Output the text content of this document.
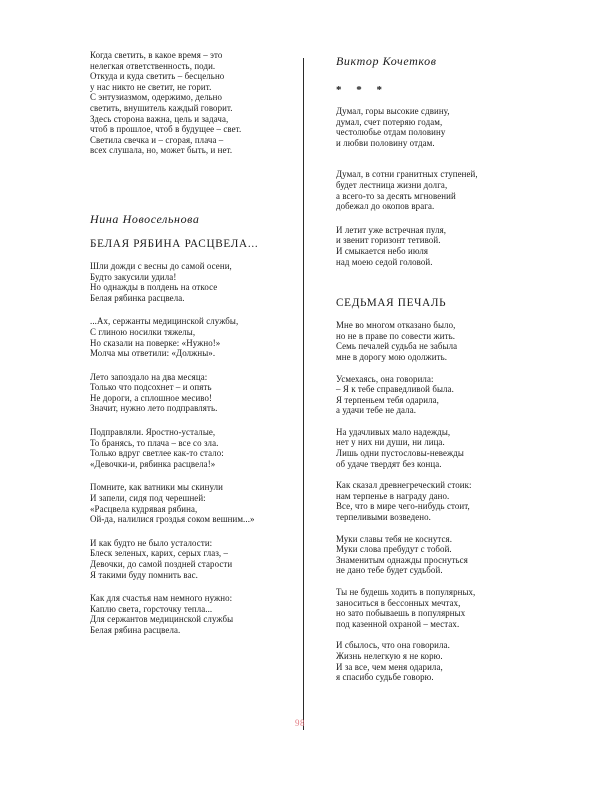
Когда светить, в какое время – это
нелегкая ответственность, поди.
Откуда и куда светить – бесцельно
у нас никто не светит, не горит.
С энтузиазмом, одержимо, дельно
светить, внушитель каждый говорит.
Здесь сторона важна, цель и задача,
чтоб в прошлое, чтоб в будущее – свет.
Светила свечка и – сгорая, плача –
всех слушала, но, может быть, и нет.

Нина Новосельнова

БЕЛАЯ РЯБИНА РАСЦВЕЛА...

Шли дожди с весны до самой осени,
Будто закусили удила!
Но однажды в полдень на откосе
Белая рябинка расцвела.
...Ах, сержанты медицинской службы,
С глиною носилки тяжелы,
Но сказали на поверке: «Нужно!»
Молча мы ответили: «Должны».
Лето запоздало на два месяца:
Только что подсохнет – и опять
Не дороги, а сплошное месиво!
Значит, нужно лето подправлять.
Подправляли. Яростно-усталые,
То бранясь, то плача – все со зла.
Только вдруг светлее как-то стало:
«Девочки-и, рябинка расцвела!»
Помните, как ватники мы скинули
И запели, сидя под черешней:
«Расцвела кудрявая рябина,
Ой-да, налилися гроздья соком вешним...»
И как будто не было усталости:
Блеск зеленых, карих, серых глаз, –
Девочки, до самой поздней старости
Я такими буду помнить вас.
Как для счастья нам немного нужно:
Каплю света, горсточку тепла...
Для сержантов медицинской службы
Белая рябина расцвела.

Виктор Кочетков

* * *
Думал, горы высокие сдвину,
думал, счет потеряю годам,
честолюбье отдам половину
и любви половину отдам.
Думал, в сотни гранитных ступеней,
будет лестница жизни долга,
а всего-то за десять мгновений
добежал до окопов врага.
И летит уже встречная пуля,
и звенит горизонт тетивой.
И смыкается небо июля
над моею седой головой.

СЕДЬМАЯ ПЕЧАЛЬ

Мне во многом отказано было,
но не в праве по совести жить.
Семь печалей судьба не забыла
мне в дорогу мою одолжить.
Усмехаясь, она говорила:
– Я к тебе справедливой была.
Я терпеньем тебя одарила,
а удачи тебе не дала.
На удачливых мало надежды,
нет у них ни души, ни лица.
Лишь одни пустословы-невежды
об удаче твердят без конца.
Как сказал древнегреческий стоик:
нам терпенье в награду дано.
Все, что в мире чего-нибудь стоит,
терпеливыми возведено.
Муки славы тебя не коснутся.
Муки слова пребудут с тобой.
Знаменитым однажды проснуться
не дано тебе будет судьбой.
Ты не будешь ходить в популярных,
заноситься в бессонных мечтах,
но зато побываешь в популярных
под казенной охраной – местах.
И сбылось, что она говорила.
Жизнь нелегкую я не корю.
И за все, чем меня одарила,
я спасибо судьбе говорю.
98
